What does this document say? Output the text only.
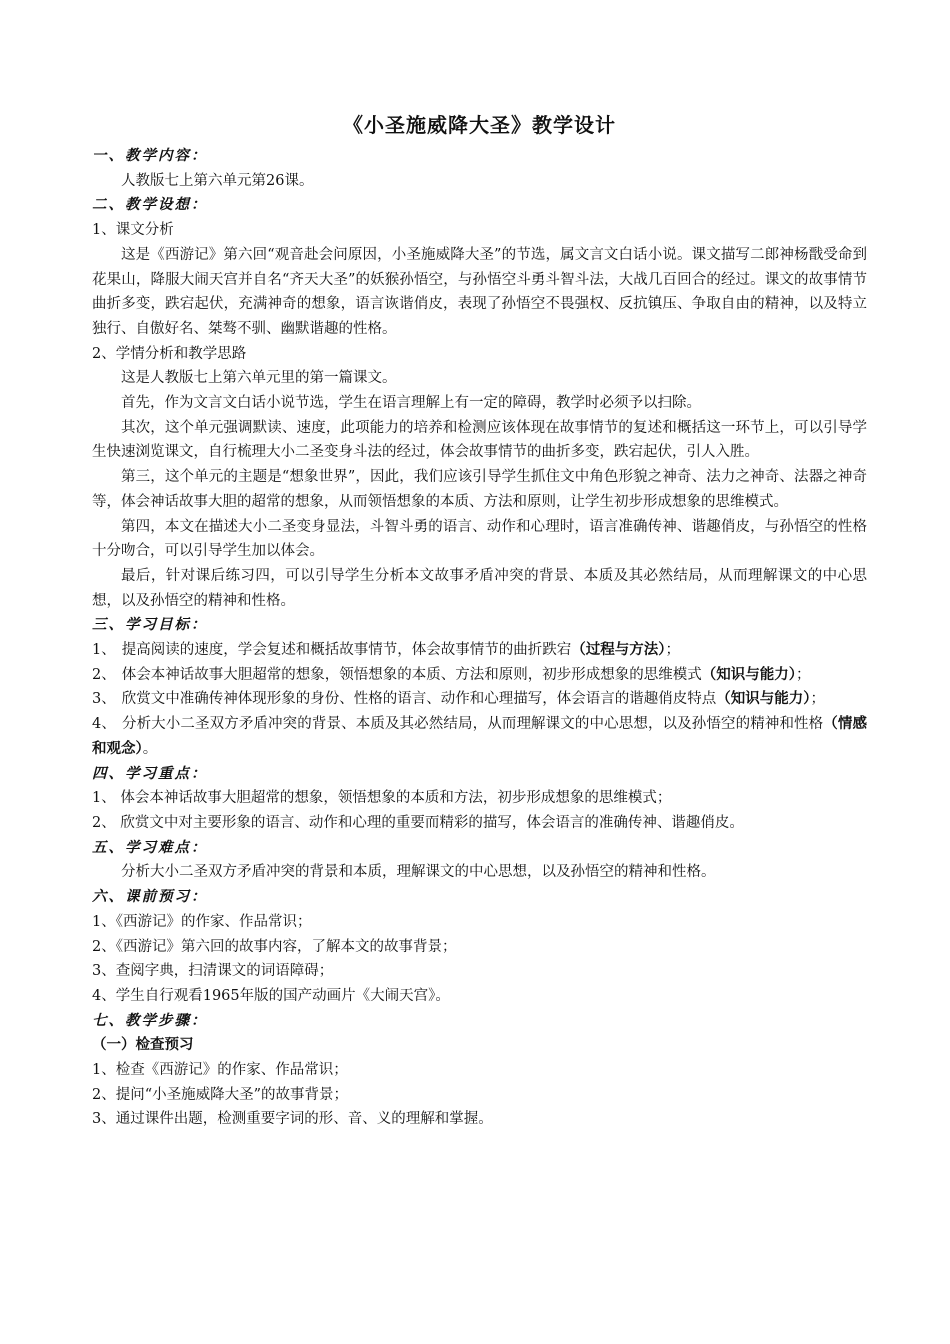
《小圣施威降大圣》教学设计

一、教学内容：

人教版七上第六单元第26课。

二、教学设想：

1、课文分析

这是《西游记》第六回“观音赴会问原因，小圣施威降大圣”的节选，属文言文白话小说。课文描写二郎神杨戬受命到花果山，降服大闹天宫并自名“齐天大圣”的妖猴孙悟空，与孙悟空斗勇斗智斗法，大战几百回合的经过。课文的故事情节曲折多变，跌宕起伏，充满神奇的想象，语言诙谐俏皮，表现了孙悟空不畏强权、反抗镇压、争取自由的精神，以及特立独行、自傲好名、桀骜不驯、幽默谐趣的性格。

2、学情分析和教学思路

这是人教版七上第六单元里的第一篇课文。

首先，作为文言文白话小说节选，学生在语言理解上有一定的障碍，教学时必须予以扫除。

其次，这个单元强调默读、速度，此项能力的培养和检测应该体现在故事情节的复述和概括这一环节上，可以引导学生快速浏览课文，自行梳理大小二圣变身斗法的经过，体会故事情节的曲折多变，跌宕起伏，引人入胜。

第三，这个单元的主题是“想象世界”，因此，我们应该引导学生抓住文中角色形貌之神奇、法力之神奇、法器之神奇等，体会神话故事大胆的超常的想象，从而领悟想象的本质、方法和原则，让学生初步形成想象的思维模式。

第四，本文在描述大小二圣变身显法，斗智斗勇的语言、动作和心理时，语言准确传神、谐趣俏皮，与孙悟空的性格十分吻合，可以引导学生加以体会。

最后，针对课后练习四，可以引导学生分析本文故事矛盾冲突的背景、本质及其必然结局，从而理解课文的中心思想，以及孙悟空的精神和性格。

三、学习目标：

1、 提高阅读的速度，学会复述和概括故事情节，体会故事情节的曲折跌宕（过程与方法）；

2、 体会本神话故事大胆超常的想象，领悟想象的本质、方法和原则，初步形成想象的思维模式（知识与能力）；

3、 欣赏文中准确传神体现形象的身份、性格的语言、动作和心理描写，体会语言的谐趣俏皮特点（知识与能力）；

4、 分析大小二圣双方矛盾冲突的背景、本质及其必然结局，从而理解课文的中心思想，以及孙悟空的精神和性格（情感和观念）。

四、学习重点：

1、 体会本神话故事大胆超常的想象，领悟想象的本质和方法，初步形成想象的思维模式；

2、 欣赏文中对主要形象的语言、动作和心理的重要而精彩的描写，体会语言的准确传神、谐趣俏皮。

五、学习难点：

分析大小二圣双方矛盾冲突的背景和本质，理解课文的中心思想，以及孙悟空的精神和性格。

六、课前预习：

1、《西游记》的作家、作品常识；

2、《西游记》第六回的故事内容，了解本文的故事背景；

3、查阅字典，扫清课文的词语障碍；

4、学生自行观看1965年版的国产动画片《大闹天宫》。

七、教学步骤：

（一）检查预习

1、检查《西游记》的作家、作品常识；

2、提问“小圣施威降大圣”的故事背景；

3、通过课件出题，检测重要字词的形、音、义的理解和掌握。
